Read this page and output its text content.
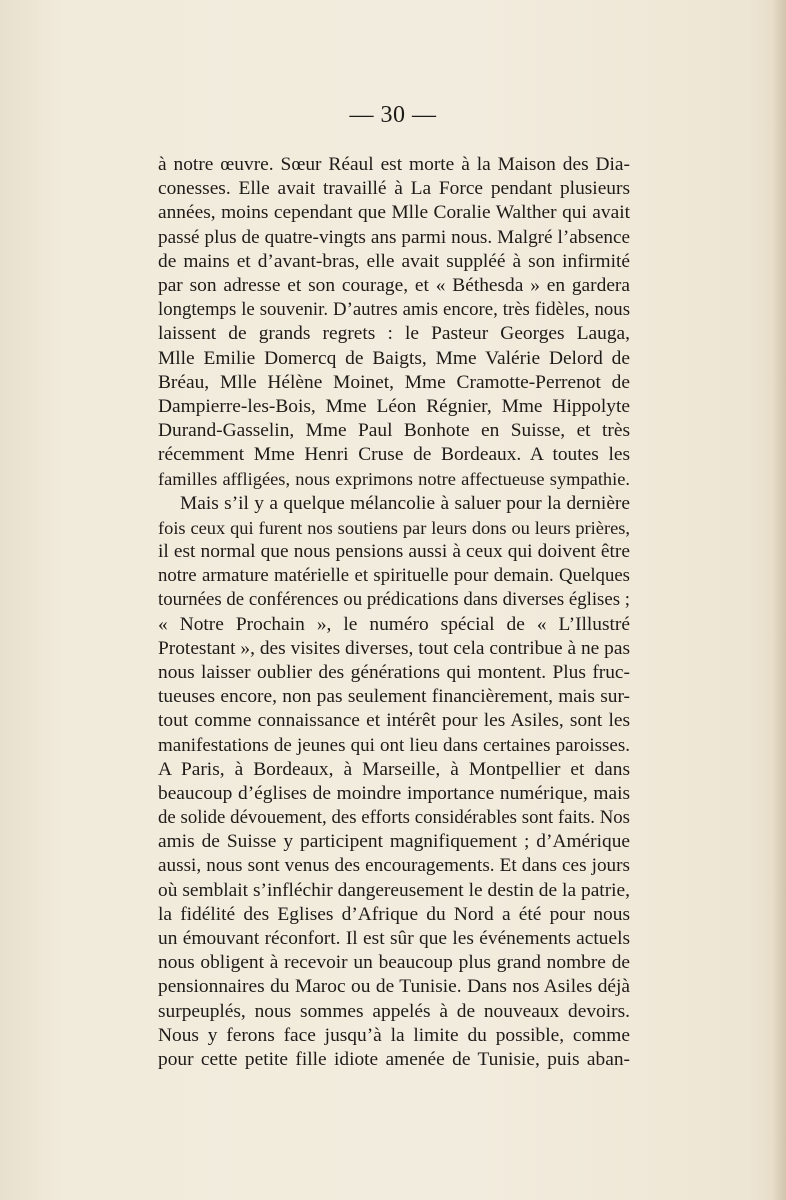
— 30 —
à notre œuvre. Sœur Réaul est morte à la Maison des Dia-
conesses. Elle avait travaillé à La Force pendant plusieurs
années, moins cependant que Mlle Coralie Walther qui avait
passé plus de quatre-vingts ans parmi nous. Malgré l’absence
de mains et d’avant-bras, elle avait suppléé à son infirmité
par son adresse et son courage, et « Béthesda » en gardera
longtemps le souvenir. D’autres amis encore, très fidèles, nous
laissent de grands regrets : le Pasteur Georges Lauga,
Mlle Emilie Domercq de Baigts, Mme Valérie Delord de
Bréau, Mlle Hélène Moinet, Mme Cramotte-Perrenot de
Dampierre-les-Bois, Mme Léon Régnier, Mme Hippolyte
Durand-Gasselin, Mme Paul Bonhote en Suisse, et très
récemment Mme Henri Cruse de Bordeaux. A toutes les
familles affligées, nous exprimons notre affectueuse sympathie.
Mais s’il y a quelque mélancolie à saluer pour la dernière
fois ceux qui furent nos soutiens par leurs dons ou leurs prières,
il est normal que nous pensions aussi à ceux qui doivent être
notre armature matérielle et spirituelle pour demain. Quelques
tournées de conférences ou prédications dans diverses églises ;
« Notre Prochain », le numéro spécial de « L’Illustré
Protestant », des visites diverses, tout cela contribue à ne pas
nous laisser oublier des générations qui montent. Plus fruc-
tueuses encore, non pas seulement financièrement, mais sur-
tout comme connaissance et intérêt pour les Asiles, sont les
manifestations de jeunes qui ont lieu dans certaines paroisses.
A Paris, à Bordeaux, à Marseille, à Montpellier et dans
beaucoup d’églises de moindre importance numérique, mais
de solide dévouement, des efforts considérables sont faits. Nos
amis de Suisse y participent magnifiquement ; d’Amérique
aussi, nous sont venus des encouragements. Et dans ces jours
où semblait s’infléchir dangereusement le destin de la patrie,
la fidélité des Eglises d’Afrique du Nord a été pour nous
un émouvant réconfort. Il est sûr que les événements actuels
nous obligent à recevoir un beaucoup plus grand nombre de
pensionnaires du Maroc ou de Tunisie. Dans nos Asiles déjà
surpeuplés, nous sommes appelés à de nouveaux devoirs.
Nous y ferons face jusqu’à la limite du possible, comme
pour cette petite fille idiote amenée de Tunisie, puis aban-
